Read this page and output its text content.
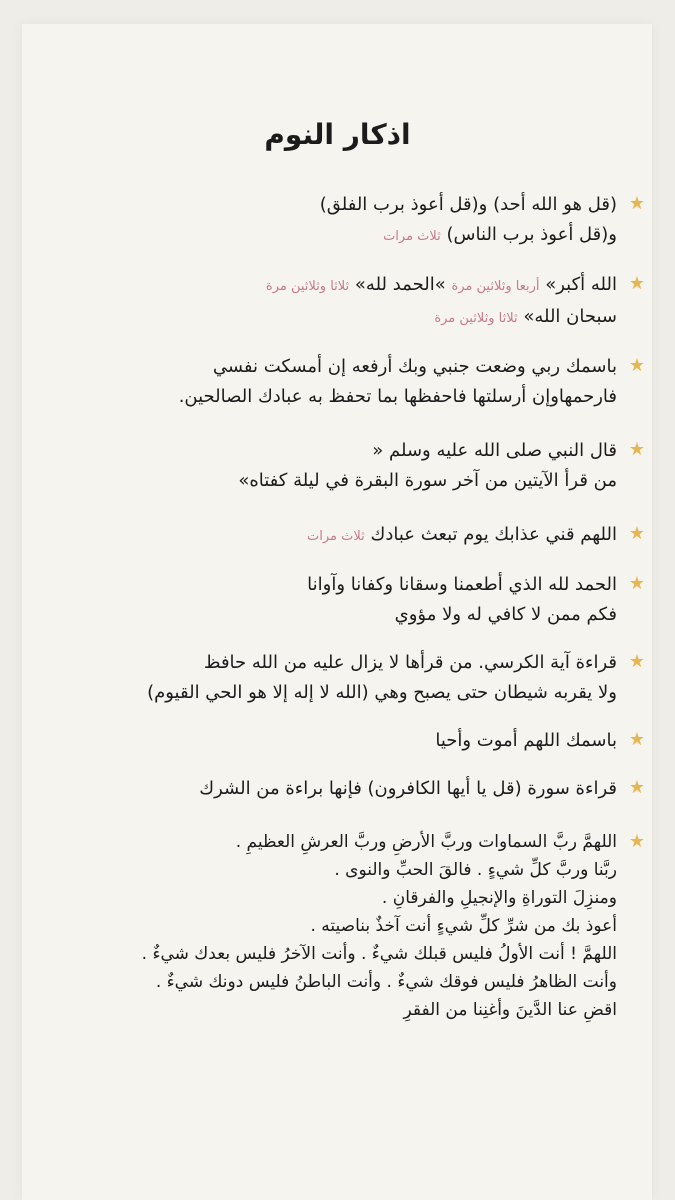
اذكار النوم
★
(قل هو الله أحد) و(قل أعوذ برب الفلق)
و(قل أعوذ برب الناس) ثلاث مرات
★
الله أكبر» أربعا وثلاثين مرة »الحمد لله» ثلاثا وثلاثين مرة
سبحان الله» ثلاثا وثلاثين مرة
★
باسمك ربي وضعت جنبي وبك أرفعه إن أمسكت نفسي
فارحمهاوإن أرسلتها فاحفظها بما تحفظ به عبادك الصالحين.
★
قال النبي صلى الله عليه وسلم «
من قرأ الآيتين من آخر سورة البقرة في ليلة كفتاه»
★
اللهم قني عذابك يوم تبعث عبادك ثلاث مرات
★
الحمد لله الذي أطعمنا وسقانا وكفانا وآوانا
فكم ممن لا كافي له ولا مؤوي
★
قراءة آية الكرسي. من قرأها لا يزال عليه من الله حافظ
ولا يقربه شيطان حتى يصبح وهي (الله لا إله إلا هو الحي القيوم)
★
باسمك اللهم أموت وأحيا
★
قراءة سورة (قل يا أيها الكافرون) فإنها براءة من الشرك
★
اللهمَّ ربَّ السماوات وربَّ الأرضِ وربَّ العرشِ العظيمِ .
ربَّنا وربَّ كلِّ شيءٍ . فالقَ الحبِّ والنوى .
ومنزِلَ التوراةِ والإنجيلِ والفرقانِ .
أعوذ بك من شرِّ كلِّ شيءٍ أنت آخذٌ بناصيته .
اللهمَّ ! أنت الأولُ فليس قبلك شيءٌ . وأنت الآخرُ فليس بعدك شيءٌ .
وأنت الظاهرُ فليس فوقك شيءٌ . وأنت الباطنُ فليس دونك شيءٌ .
اقضِ عنا الدَّينَ وأغنِنا من الفقرِ
